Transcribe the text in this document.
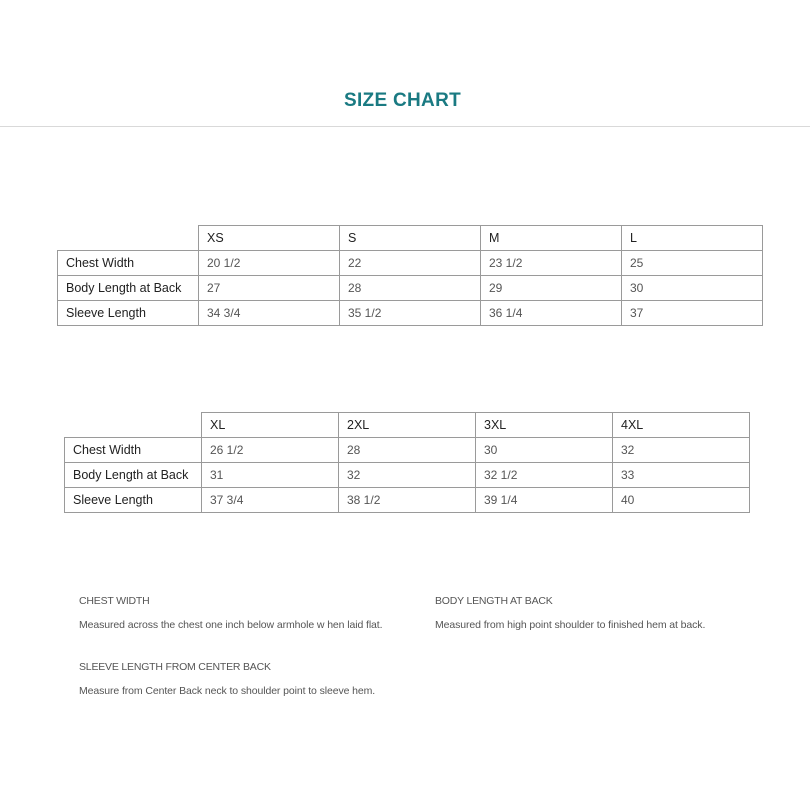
SIZE CHART
	XS	S	M	L
Chest Width	20 1/2	22	23 1/2	25
Body Length at Back	27	28	29	30
Sleeve Length	34 3/4	35 1/2	36 1/4	37
	XL	2XL	3XL	4XL
Chest Width	26 1/2	28	30	32
Body Length at Back	31	32	32 1/2	33
Sleeve Length	37 3/4	38 1/2	39 1/4	40
CHEST WIDTH
Measured across the chest one inch below armhole w hen laid flat.
BODY LENGTH AT BACK
Measured from high point shoulder to finished hem at back.
SLEEVE LENGTH FROM CENTER BACK
Measure from Center Back neck to shoulder point to sleeve hem.
